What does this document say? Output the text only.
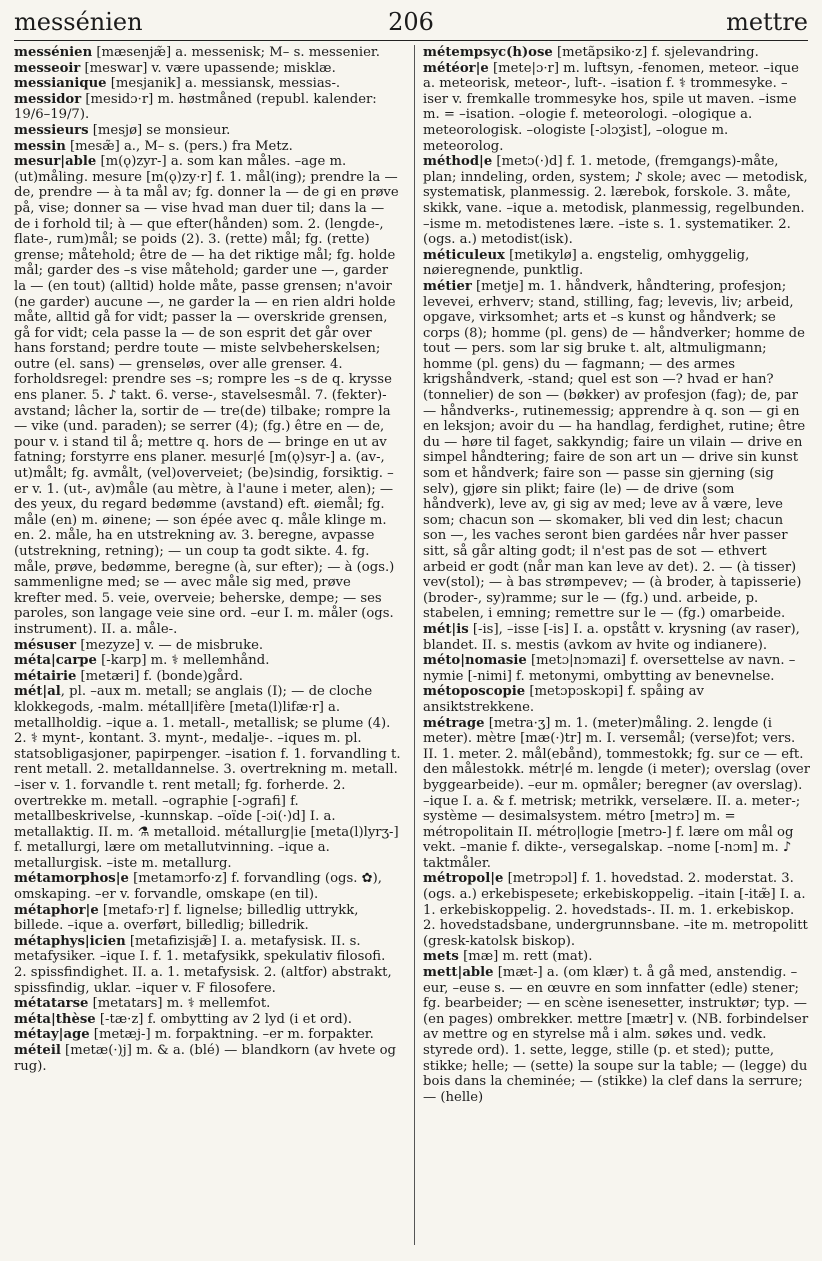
messénien	206	mettre

messénien [mæsenjæ̃] a. messenisk; M– s. messenier.

messeoir [meswar] v. være upassende; misklæ.

messianique [mesjanik] a. messiansk, messias-.

messidor [mesidɔ·r] m. høstmåned (republ. kalender: 19/6–19/7).

messieurs [mesjø] se monsieur.

messin [mesæ̃] a., M– s. (pers.) fra Metz.

mesur|able [m(ǫ)zyr-] a. som kan måles. –age m. (ut)måling. mesure [m(ǫ)zy·r] f. 1. mål(ing); prendre la — de, prendre — à ta mål av; fg. donner la — de gi en prøve på, vise; donner sa — vise hvad man duer til; dans la — de i forhold til; à — que efter(hånden) som. 2. (lengde-, flate-, rum)mål; se poids (2). 3. (rette) mål; fg. (rette) grense; måtehold; être de — ha det riktige mål; fg. holde mål; garder des –s vise måtehold; garder une —, garder la — (en tout) (alltid) holde måte, passe grensen; n'avoir (ne garder) aucune —, ne garder la — en rien aldri holde måte, alltid gå for vidt; passer la — overskride grensen, gå for vidt; cela passe la — de son esprit det går over hans forstand; perdre toute — miste selvbeherskelsen; outre (el. sans) — grenseløs, over alle grenser. 4. forholdsregel: prendre ses –s; rompre les –s de q. krysse ens planer. 5. ♪ takt. 6. verse-, stavelsesmål. 7. (fekter)-avstand; lâcher la, sortir de — tre(de) tilbake; rompre la — vike (und. paraden); se serrer (4); (fg.) être en — de, pour v. i stand til å; mettre q. hors de — bringe en ut av fatning; forstyrre ens planer. mesur|é [m(ǫ)syr-] a. (av-, ut)målt; fg. avmålt, (vel)overveiet; (be)sindig, forsiktig. –er v. 1. (ut-, av)måle (au mètre, à l'aune i meter, alen); — des yeux, du regard bedømme (avstand) eft. øiemål; fg. måle (en) m. øinene; — son épée avec q. måle klinge m. en. 2. måle, ha en utstrekning av. 3. beregne, avpasse (utstrekning, retning); — un coup ta godt sikte. 4. fg. måle, prøve, bedømme, beregne (à, sur efter); — à (ogs.) sammenligne med; se — avec måle sig med, prøve krefter med. 5. veie, overveie; beherske, dempe; — ses paroles, son langage veie sine ord. –eur I. m. måler (ogs. instrument). II. a. måle-.

mésuser [mezyze] v. — de misbruke.

méta|carpe [-karp] m. ⚕ mellemhånd.

métairie [metæri] f. (bonde)gård.

mét|al, pl. –aux m. metall; se anglais (I); — de cloche klokkegods, -malm. métall|ifère [meta(l)lifæ·r] a. metallholdig. –ique a. 1. metall-, metallisk; se plume (4). 2. ⚕ mynt-, kontant. 3. mynt-, medalje-. –iques m. pl. statsobligasjoner, papirpenger. –isation f. 1. forvandling t. rent metall. 2. metalldannelse. 3. overtrekning m. metall. –iser v. 1. forvandle t. rent metall; fg. forherde. 2. overtrekke m. metall. –ographie [-ɔgrafi] f. metallbeskrivelse, -kunnskap. –oïde [-ɔi(·)d] I. a. metallaktig. II. m. ⚗ metalloid. métallurg|ie [meta(l)lyrʒ-] f. metallurgi, lære om metallutvinning. –ique a. metallurgisk. –iste m. metallurg.

métamorphos|e [metamɔrfo·z] f. forvandling (ogs. ✿), omskaping. –er v. forvandle, omskape (en til).

métaphor|e [metafɔ·r] f. lignelse; billedlig uttrykk, billede. –ique a. overført, billedlig; billedrik.

métaphys|icien [metafizisjæ̃] I. a. metafysisk. II. s. metafysiker. –ique I. f. 1. metafysikk, spekulativ filosofi. 2. spissfindighet. II. a. 1. metafysisk. 2. (altfor) abstrakt, spissfindig, uklar. –iquer v. F filosofere.

métatarse [metatars] m. ⚕ mellemfot.

méta|thèse [-tæ·z] f. ombytting av 2 lyd (i et ord).

métay|age [metæj-] m. forpaktning. –er m. forpakter.

méteil [metæ(·)j] m. & a. (blé) — blandkorn (av hvete og rug).

métempsyc(h)ose [metãpsiko·z] f. sjelevandring.

météor|e [mete|ɔ·r] m. luftsyn, -fenomen, meteor. –ique a. meteorisk, meteor-, luft-. –isation f. ⚕ trommesyke. –iser v. fremkalle trommesyke hos, spile ut maven. –isme m. = –isation. –ologie f. meteorologi. –ologique a. meteorologisk. –ologiste [-ɔlɔʒist], –ologue m. meteorolog.

méthod|e [metɔ(·)d] f. 1. metode, (fremgangs)-måte, plan; inndeling, orden, system; ♪ skole; avec — metodisk, systematisk, planmessig. 2. lærebok, forskole. 3. måte, skikk, vane. –ique a. metodisk, planmessig, regelbunden. –isme m. metodistenes lære. –iste s. 1. systematiker. 2. (ogs. a.) metodist(isk).

méticuleux [metikylø] a. engstelig, omhyggelig, nøieregnende, punktlig.

métier [metje] m. 1. håndverk, håndtering, profesjon; levevei, erhverv; stand, stilling, fag; levevis, liv; arbeid, opgave, virksomhet; arts et –s kunst og håndverk; se corps (8); homme (pl. gens) de — håndverker; homme de tout — pers. som lar sig bruke t. alt, altmuligmann; homme (pl. gens) du — fagmann; — des armes krigshåndverk, -stand; quel est son —? hvad er han? (tonnelier) de son — (bøkker) av profesjon (fag); de, par — håndverks-, rutinemessig; apprendre à q. son — gi en en leksjon; avoir du — ha handlag, ferdighet, rutine; être du — høre til faget, sakkyndig; faire un vilain — drive en simpel håndtering; faire de son art un — drive sin kunst som et håndverk; faire son — passe sin gjerning (sig selv), gjøre sin plikt; faire (le) — de drive (som håndverk), leve av, gi sig av med; leve av å være, leve som; chacun son — skomaker, bli ved din lest; chacun son —, les vaches seront bien gardées når hver passer sitt, så går alting godt; il n'est pas de sot — ethvert arbeid er godt (når man kan leve av det). 2. — (à tisser) vev(stol); — à bas strømpevev; — (à broder, à tapisserie) (broder-, sy)ramme; sur le — (fg.) und. arbeide, p. stabelen, i emning; remettre sur le — (fg.) omarbeide.

mét|is [-is], –isse [-is] I. a. opstått v. krysning (av raser), blandet. II. s. mestis (avkom av hvite og indianere).

méto|nomasie [metɔ|nɔmazi] f. oversettelse av navn. –nymie [-nimi] f. metonymi, ombytting av benevnelse.

métoposcopie [metɔpɔskɔpi] f. spåing av ansiktstrekkene.

métrage [metra·ʒ] m. 1. (meter)måling. 2. lengde (i meter). mètre [mæ(·)tr] m. I. versemål; (verse)fot; vers. II. 1. meter. 2. mål(ebånd), tommestokk; fg. sur ce — eft. den målestokk. métr|é m. lengde (i meter); overslag (over byggearbeide). –eur m. opmåler; beregner (av overslag). –ique I. a. & f. metrisk; metrikk, verselære. II. a. meter-; système — desimalsystem. métro [metrɔ] m. = métropolitain II. métro|logie [metrɔ-] f. lære om mål og vekt. –manie f. dikte-, versegalskap. –nome [-nɔm] m. ♪ taktmåler.

métropol|e [metrɔpɔl] f. 1. hovedstad. 2. moderstat. 3. (ogs. a.) erkebispesete; erkebiskoppelig. –itain [-itæ̃] I. a. 1. erkebiskoppelig. 2. hovedstads-. II. m. 1. erkebiskop. 2. hovedstadsbane, undergrunnsbane. –ite m. metropolitt (gresk-katolsk biskop).

mets [mæ] m. rett (mat).

mett|able [mæt-] a. (om klær) t. å gå med, anstendig. –eur, –euse s. — en œuvre en som innfatter (edle) stener; fg. bearbeider; — en scène isenesetter, instruktør; typ. — (en pages) ombrekker. mettre [mætr] v. (NB. forbindelser av mettre og en styrelse må i alm. søkes und. vedk. styrede ord). 1. sette, legge, stille (p. et sted); putte, stikke; helle; — (sette) la soupe sur la table; — (legge) du bois dans la cheminée; — (stikke) la clef dans la serrure; — (helle)
